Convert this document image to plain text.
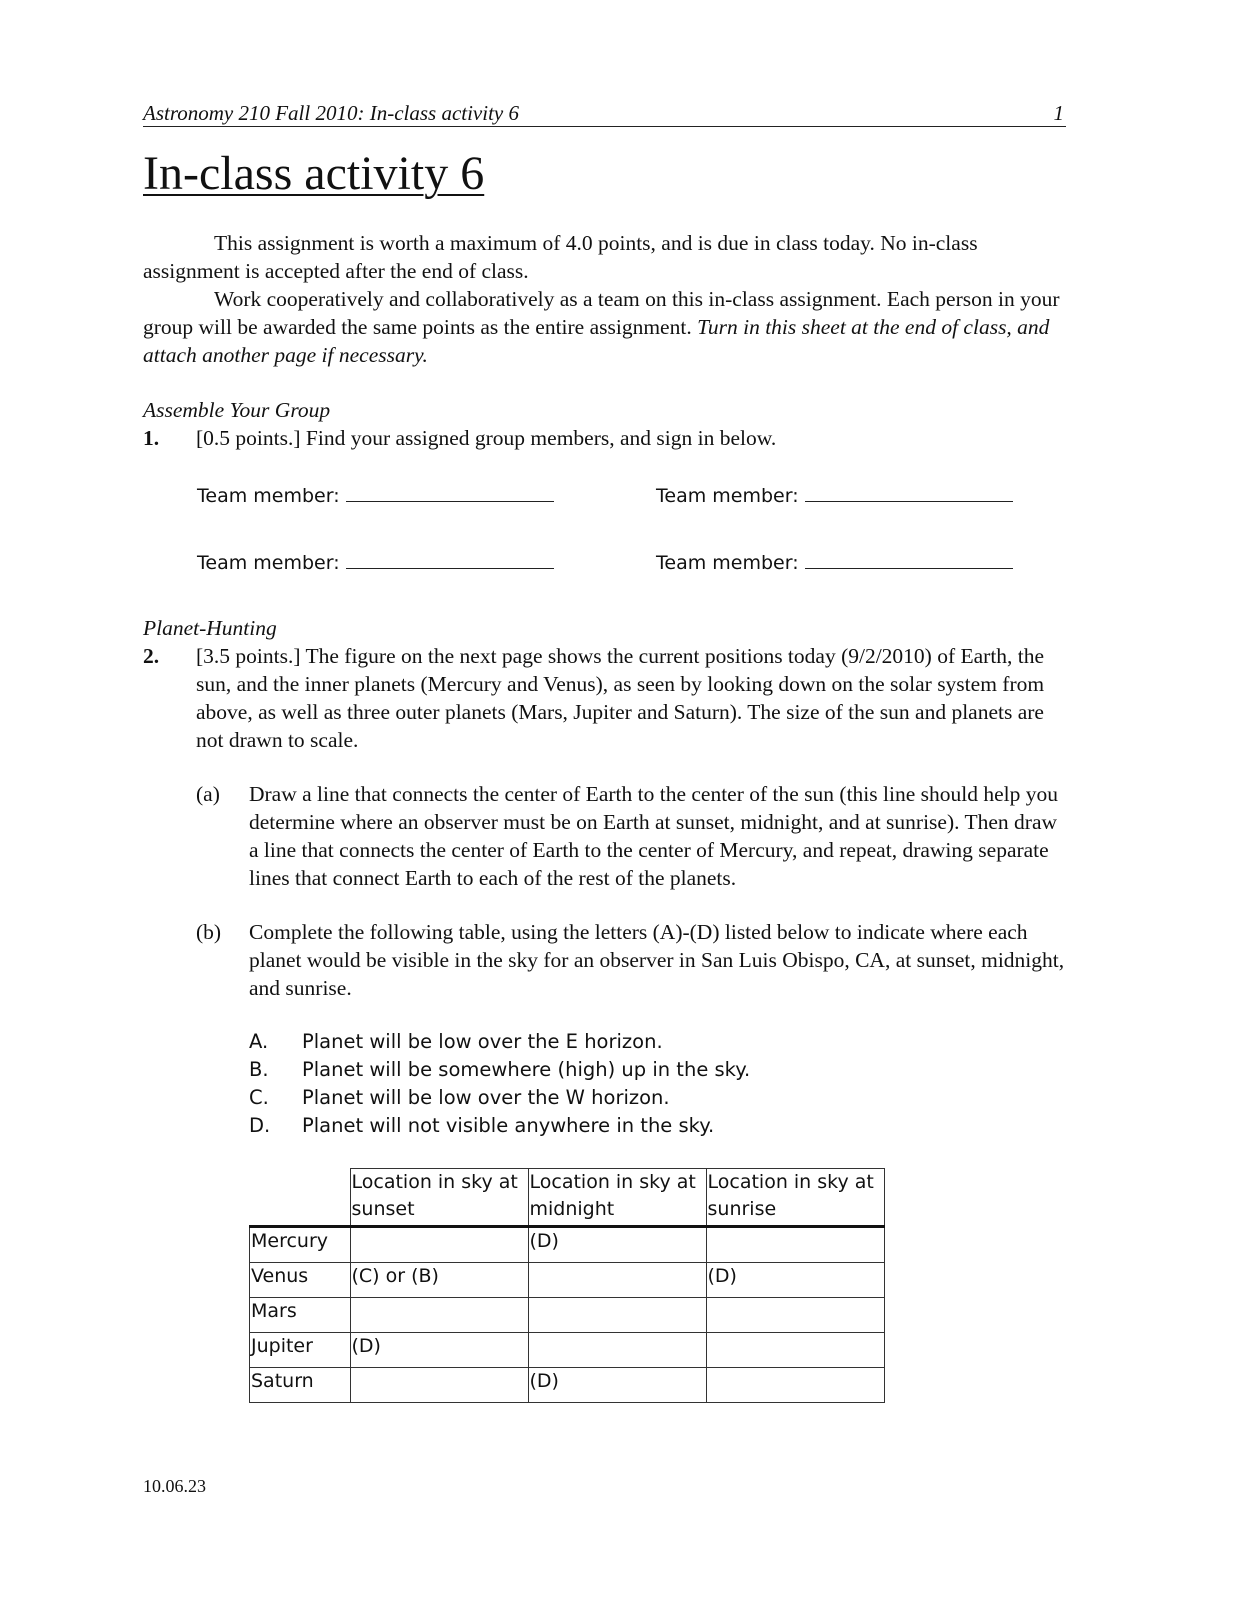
Astronomy 210 Fall 2010: In-class activity 6	1
In-class activity 6

This assignment is worth a maximum of 4.0 points, and is due in class today. No in-class assignment is accepted after the end of class.

Work cooperatively and collaboratively as a team on this in-class assignment. Each person in your group will be awarded the same points as the entire assignment. Turn in this sheet at the end of class, and attach another page if necessary.

Assemble Your Group
1. [0.5 points.] Find your assigned group members, and sign in below.

Team member:	Team member:
Team member:	Team member:
Planet-Hunting
2. [3.5 points.] The figure on the next page shows the current positions today (9/2/2010) of Earth, the sun, and the inner planets (Mercury and Venus), as seen by looking down on the solar system from above, as well as three outer planets (Mars, Jupiter and Saturn). The size of the sun and planets are not drawn to scale.

(a) Draw a line that connects the center of Earth to the center of the sun (this line should help you determine where an observer must be on Earth at sunset, midnight, and at sunrise). Then draw a line that connects the center of Earth to the center of Mercury, and repeat, drawing separate lines that connect Earth to each of the rest of the planets.

(b) Complete the following table, using the letters (A)-(D) listed below to indicate where each planet would be visible in the sky for an observer in San Luis Obispo, CA, at sunset, midnight, and sunrise.

A. Planet will be low over the E horizon.
B. Planet will be somewhere (high) up in the sky.
C. Planet will be low over the W horizon.
D. Planet will not visible anywhere in the sky.
	Location in sky at sunset	Location in sky at midnight	Location in sky at sunrise
Mercury		(D)	
Venus	(C) or (B)		(D)
Mars			
Jupiter	(D)		
Saturn		(D)	
10.06.23
